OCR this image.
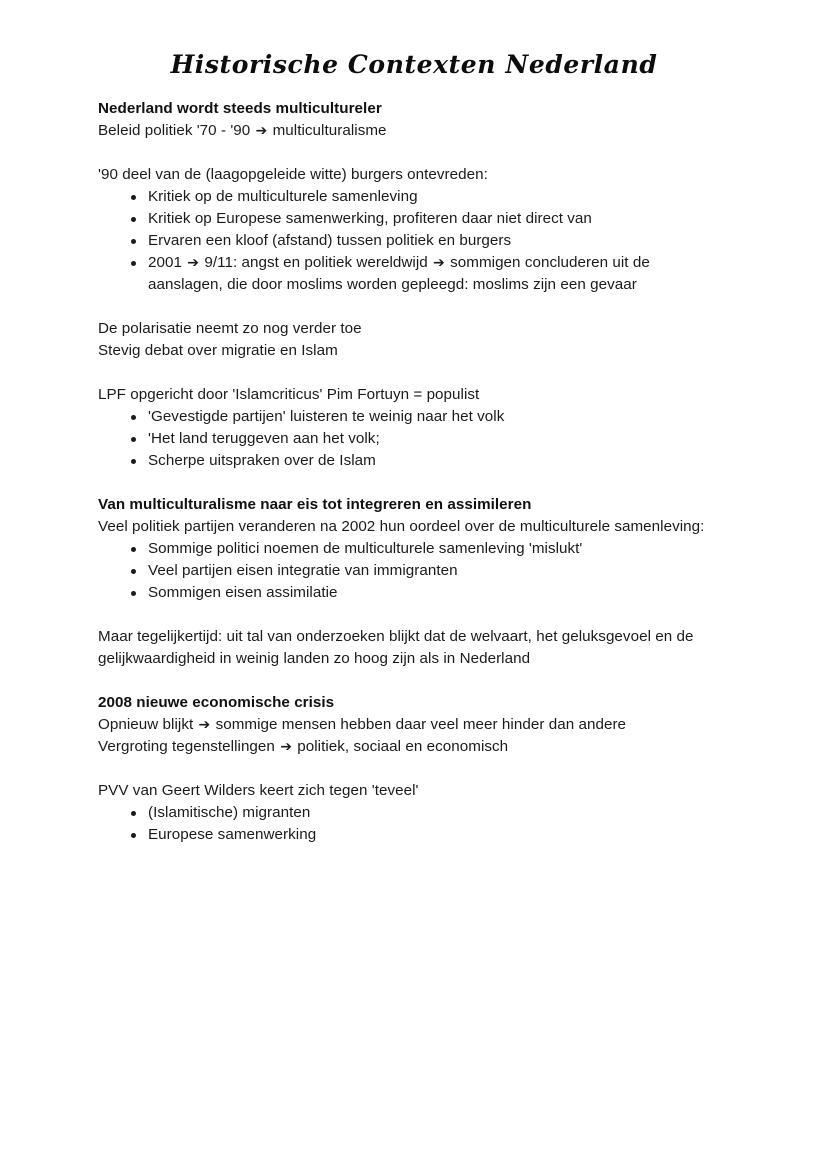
Historische Contexten Nederland
Nederland wordt steeds multicultureler
Beleid politiek '70 - '90 ➔ multiculturalisme
'90 deel van de (laagopgeleide witte) burgers ontevreden:
Kritiek op de multiculturele samenleving
Kritiek op Europese samenwerking, profiteren daar niet direct van
Ervaren een kloof (afstand) tussen politiek en burgers
2001 ➔ 9/11: angst en politiek wereldwijd ➔ sommigen concluderen uit de aanslagen, die door moslims worden gepleegd: moslims zijn een gevaar
De polarisatie neemt zo nog verder toe
Stevig debat over migratie en Islam
LPF opgericht door 'Islamcriticus' Pim Fortuyn = populist
'Gevestigde partijen' luisteren te weinig naar het volk
'Het land teruggeven aan het volk;
Scherpe uitspraken over de Islam
Van multiculturalisme naar eis tot integreren en assimileren
Veel politiek partijen veranderen na 2002 hun oordeel over de multiculturele samenleving:
Sommige politici noemen de multiculturele samenleving 'mislukt'
Veel partijen eisen integratie van immigranten
Sommigen eisen assimilatie
Maar tegelijkertijd: uit tal van onderzoeken blijkt dat de welvaart, het geluksgevoel en de gelijkwaardigheid in weinig landen zo hoog zijn als in Nederland
2008 nieuwe economische crisis
Opnieuw blijkt ➔ sommige mensen hebben daar veel meer hinder dan andere
Vergroting tegenstellingen ➔ politiek, sociaal en economisch
PVV van Geert Wilders keert zich tegen 'teveel'
(Islamitische) migranten
Europese samenwerking
